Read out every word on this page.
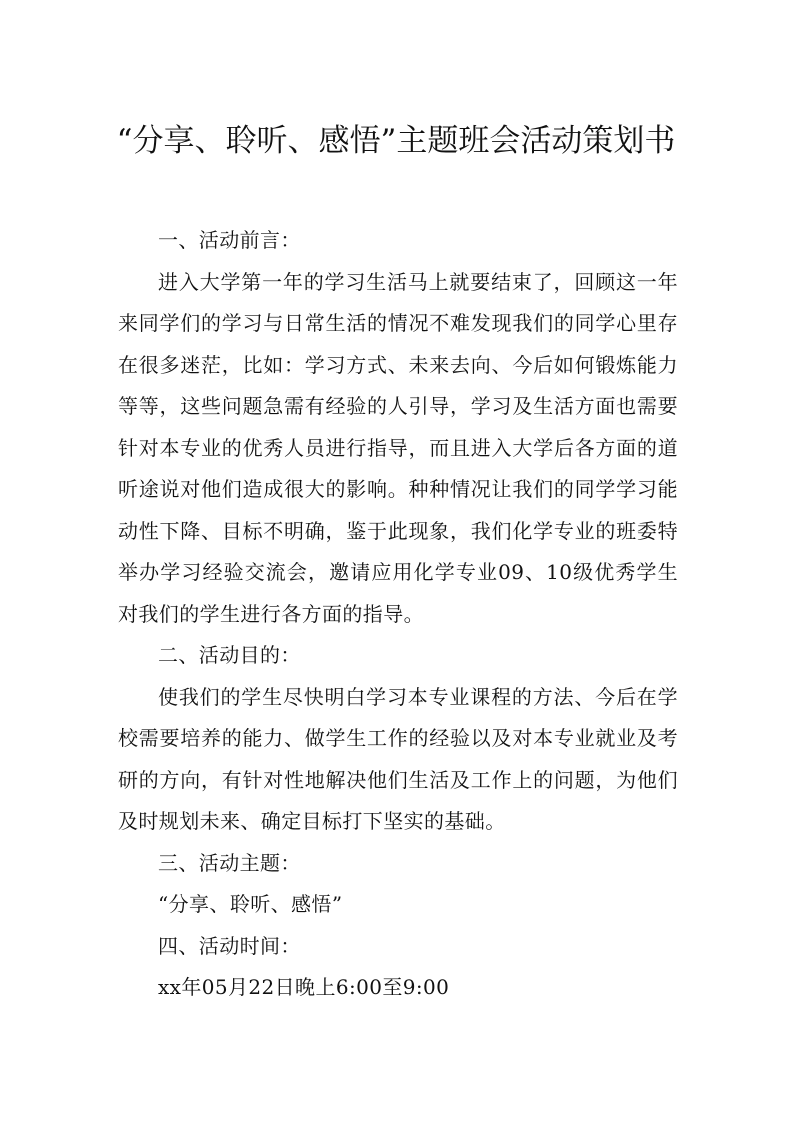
“分享、聆听、感悟”主题班会活动策划书

一、活动前言：

进入大学第一年的学习生活马上就要结束了，回顾这一年来同学们的学习与日常生活的情况不难发现我们的同学心里存在很多迷茫，比如：学习方式、未来去向、今后如何锻炼能力等等，这些问题急需有经验的人引导，学习及生活方面也需要针对本专业的优秀人员进行指导，而且进入大学后各方面的道听途说对他们造成很大的影响。种种情况让我们的同学学习能动性下降、目标不明确，鉴于此现象，我们化学专业的班委特举办学习经验交流会，邀请应用化学专业09、10级优秀学生对我们的学生进行各方面的指导。

二、活动目的：

使我们的学生尽快明白学习本专业课程的方法、今后在学校需要培养的能力、做学生工作的经验以及对本专业就业及考研的方向，有针对性地解决他们生活及工作上的问题，为他们及时规划未来、确定目标打下坚实的基础。

三、活动主题：

“分享、聆听、感悟”

四、活动时间：

xx年05月22日晚上6:00至9:00
